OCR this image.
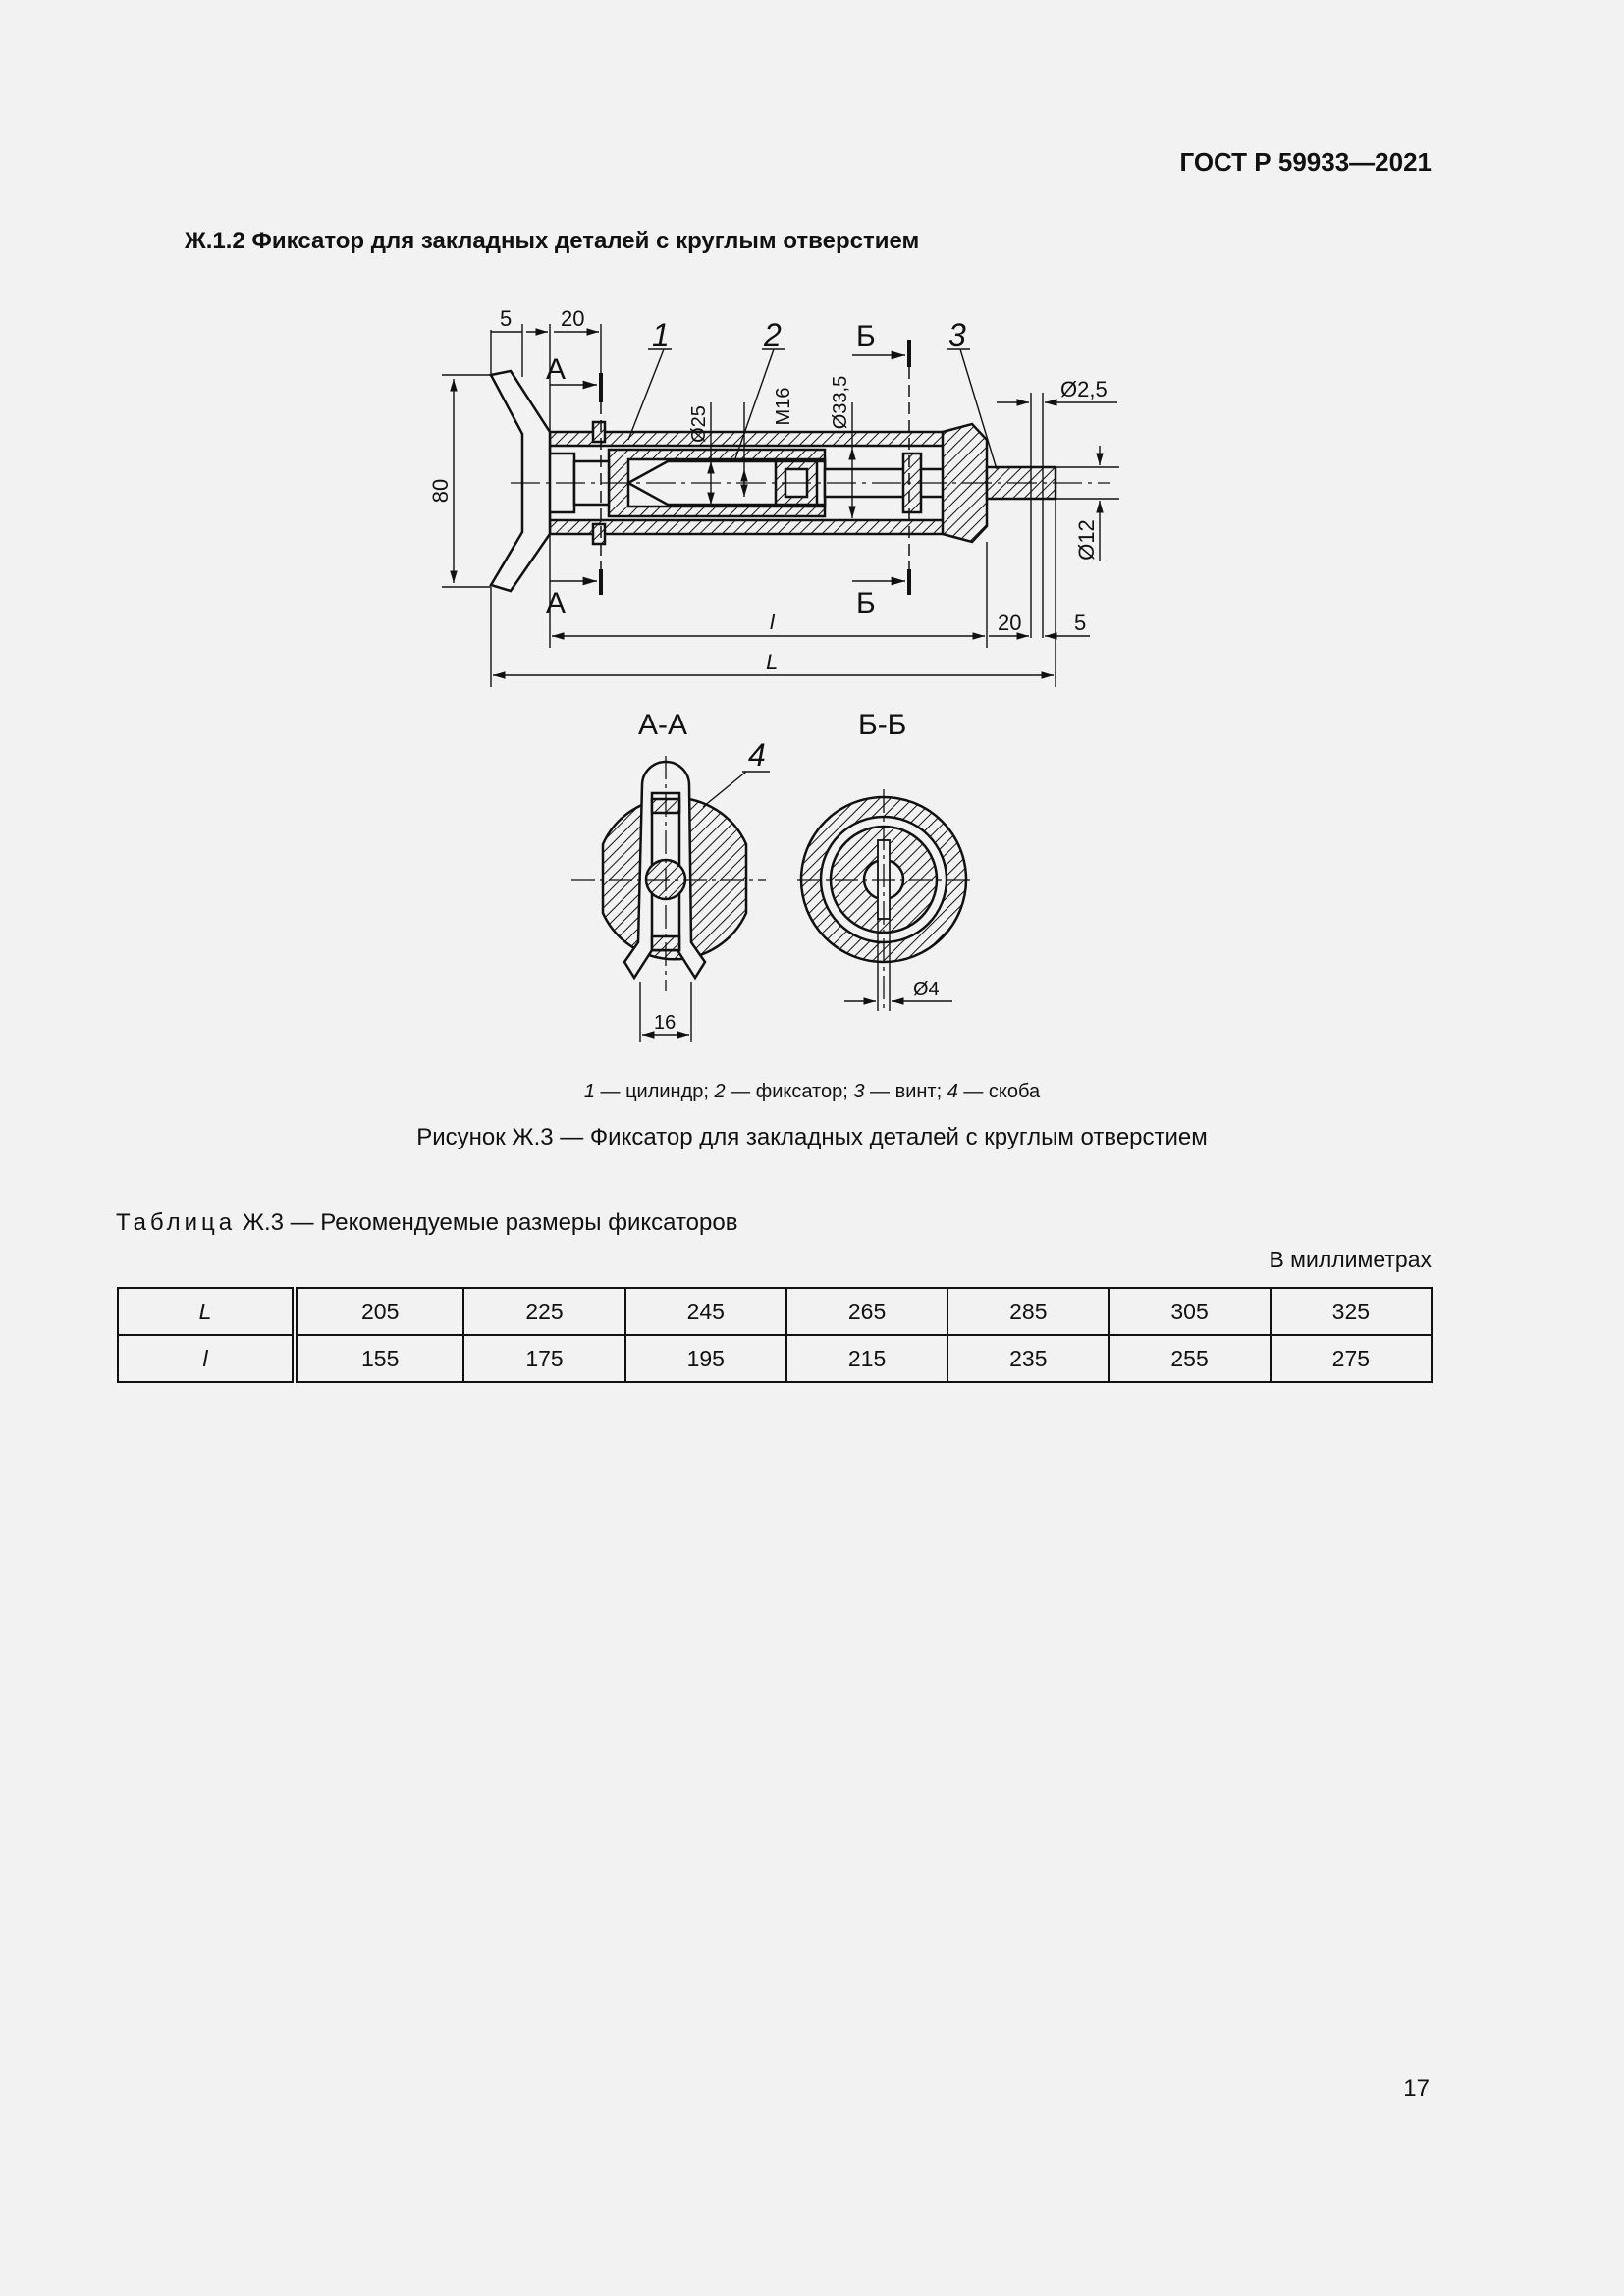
ГОСТ Р 59933—2021
Ж.1.2 Фиксатор для закладных деталей с круглым отверстием
5 20
80
Ø25	M16 Ø33,5	Ø2,5
Ø12
l	20 5
L
А
А
Б
Б
1	2	3
А-А
4
16
Б-Б
Ø4
1 — цилиндр; 2 — фиксатор; 3 — винт; 4 — скоба
Рисунок Ж.3 — Фиксатор для закладных деталей с круглым отверстием
Таблица Ж.3 — Рекомендуемые размеры фиксаторов
В миллиметрах
L	205	225	245	265	285	305	325
l	155	175	195	215	235	255	275
17
